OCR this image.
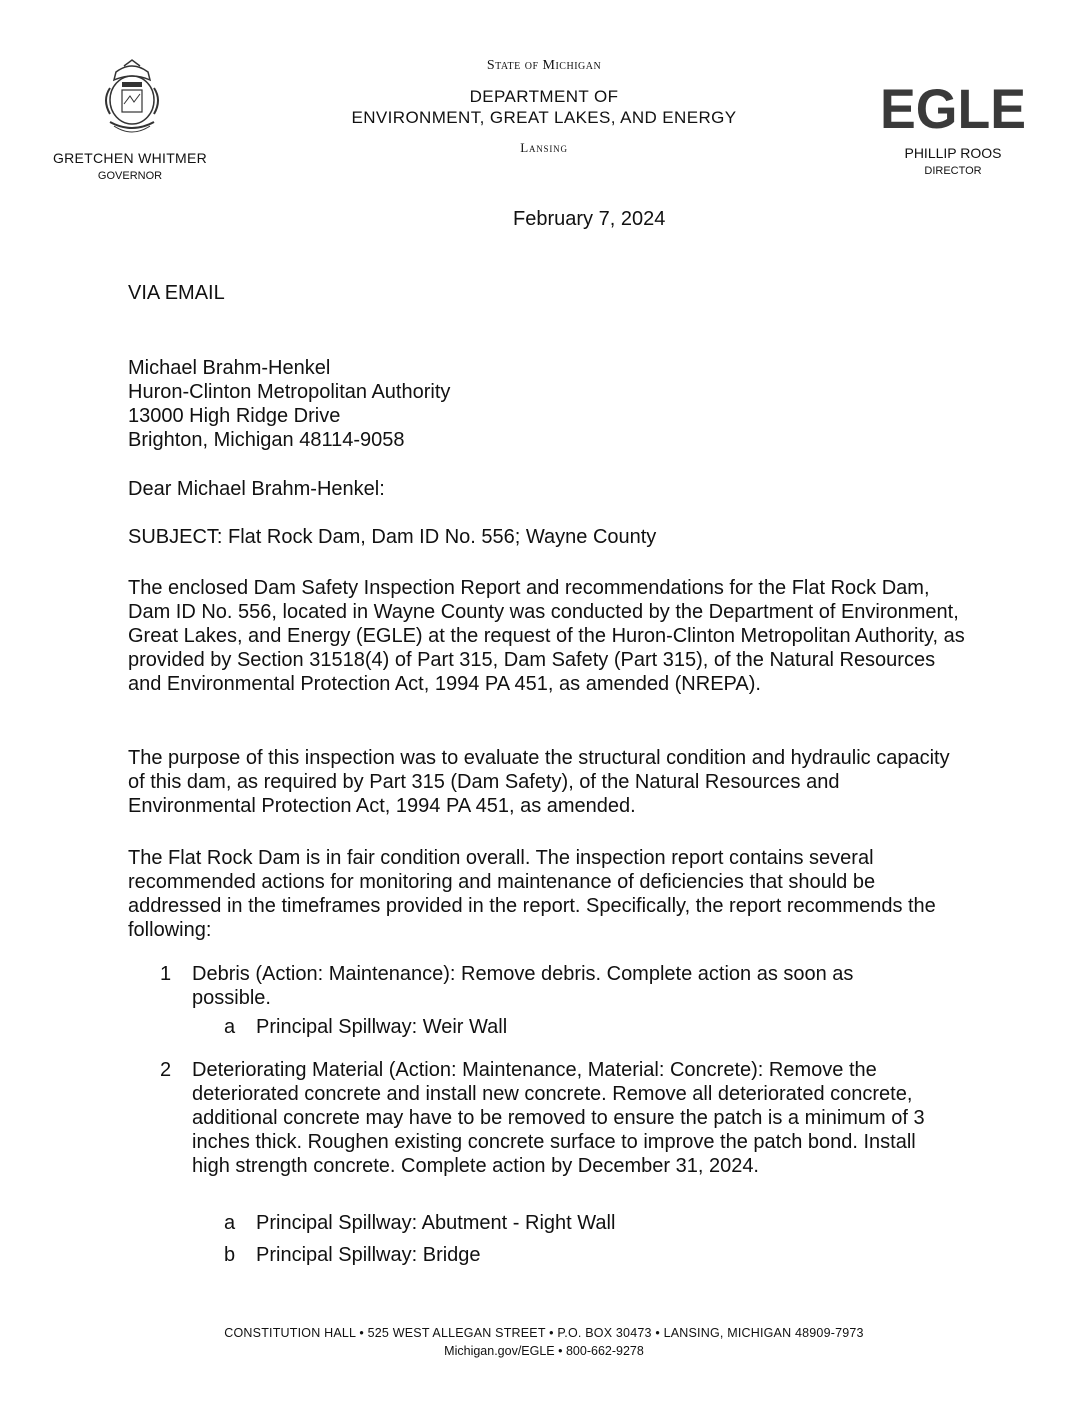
GRETCHEN WHITMER
GOVERNOR
State of Michigan
DEPARTMENT OF
ENVIRONMENT, GREAT LAKES, AND ENERGY
Lansing
EGLE
PHILLIP ROOS
DIRECTOR
February 7, 2024
VIA EMAIL
Michael Brahm-Henkel
Huron-Clinton Metropolitan Authority
13000 High Ridge Drive
Brighton, Michigan 48114-9058
Dear Michael Brahm-Henkel:
SUBJECT: Flat Rock Dam, Dam ID No. 556; Wayne County
The enclosed Dam Safety Inspection Report and recommendations for the Flat Rock Dam, Dam ID No. 556, located in Wayne County was conducted by the Department of Environment, Great Lakes, and Energy (EGLE) at the request of the Huron-Clinton Metropolitan Authority, as provided by Section 31518(4) of Part 315, Dam Safety (Part 315), of the Natural Resources and Environmental Protection Act, 1994 PA 451, as amended (NREPA).
The purpose of this inspection was to evaluate the structural condition and hydraulic capacity of this dam, as required by Part 315 (Dam Safety), of the Natural Resources and Environmental Protection Act, 1994 PA 451, as amended.
The Flat Rock Dam is in fair condition overall. The inspection report contains several recommended actions for monitoring and maintenance of deficiencies that should be addressed in the timeframes provided in the report. Specifically, the report recommends the following:
1 Debris (Action: Maintenance): Remove debris. Complete action as soon as possible.
a Principal Spillway: Weir Wall
2 Deteriorating Material (Action: Maintenance, Material: Concrete): Remove the deteriorated concrete and install new concrete. Remove all deteriorated concrete, additional concrete may have to be removed to ensure the patch is a minimum of 3 inches thick. Roughen existing concrete surface to improve the patch bond. Install high strength concrete. Complete action by December 31, 2024.
a Principal Spillway: Abutment - Right Wall
b Principal Spillway: Bridge
CONSTITUTION HALL • 525 WEST ALLEGAN STREET • P.O. BOX 30473 • LANSING, MICHIGAN 48909-7973
Michigan.gov/EGLE • 800-662-9278
